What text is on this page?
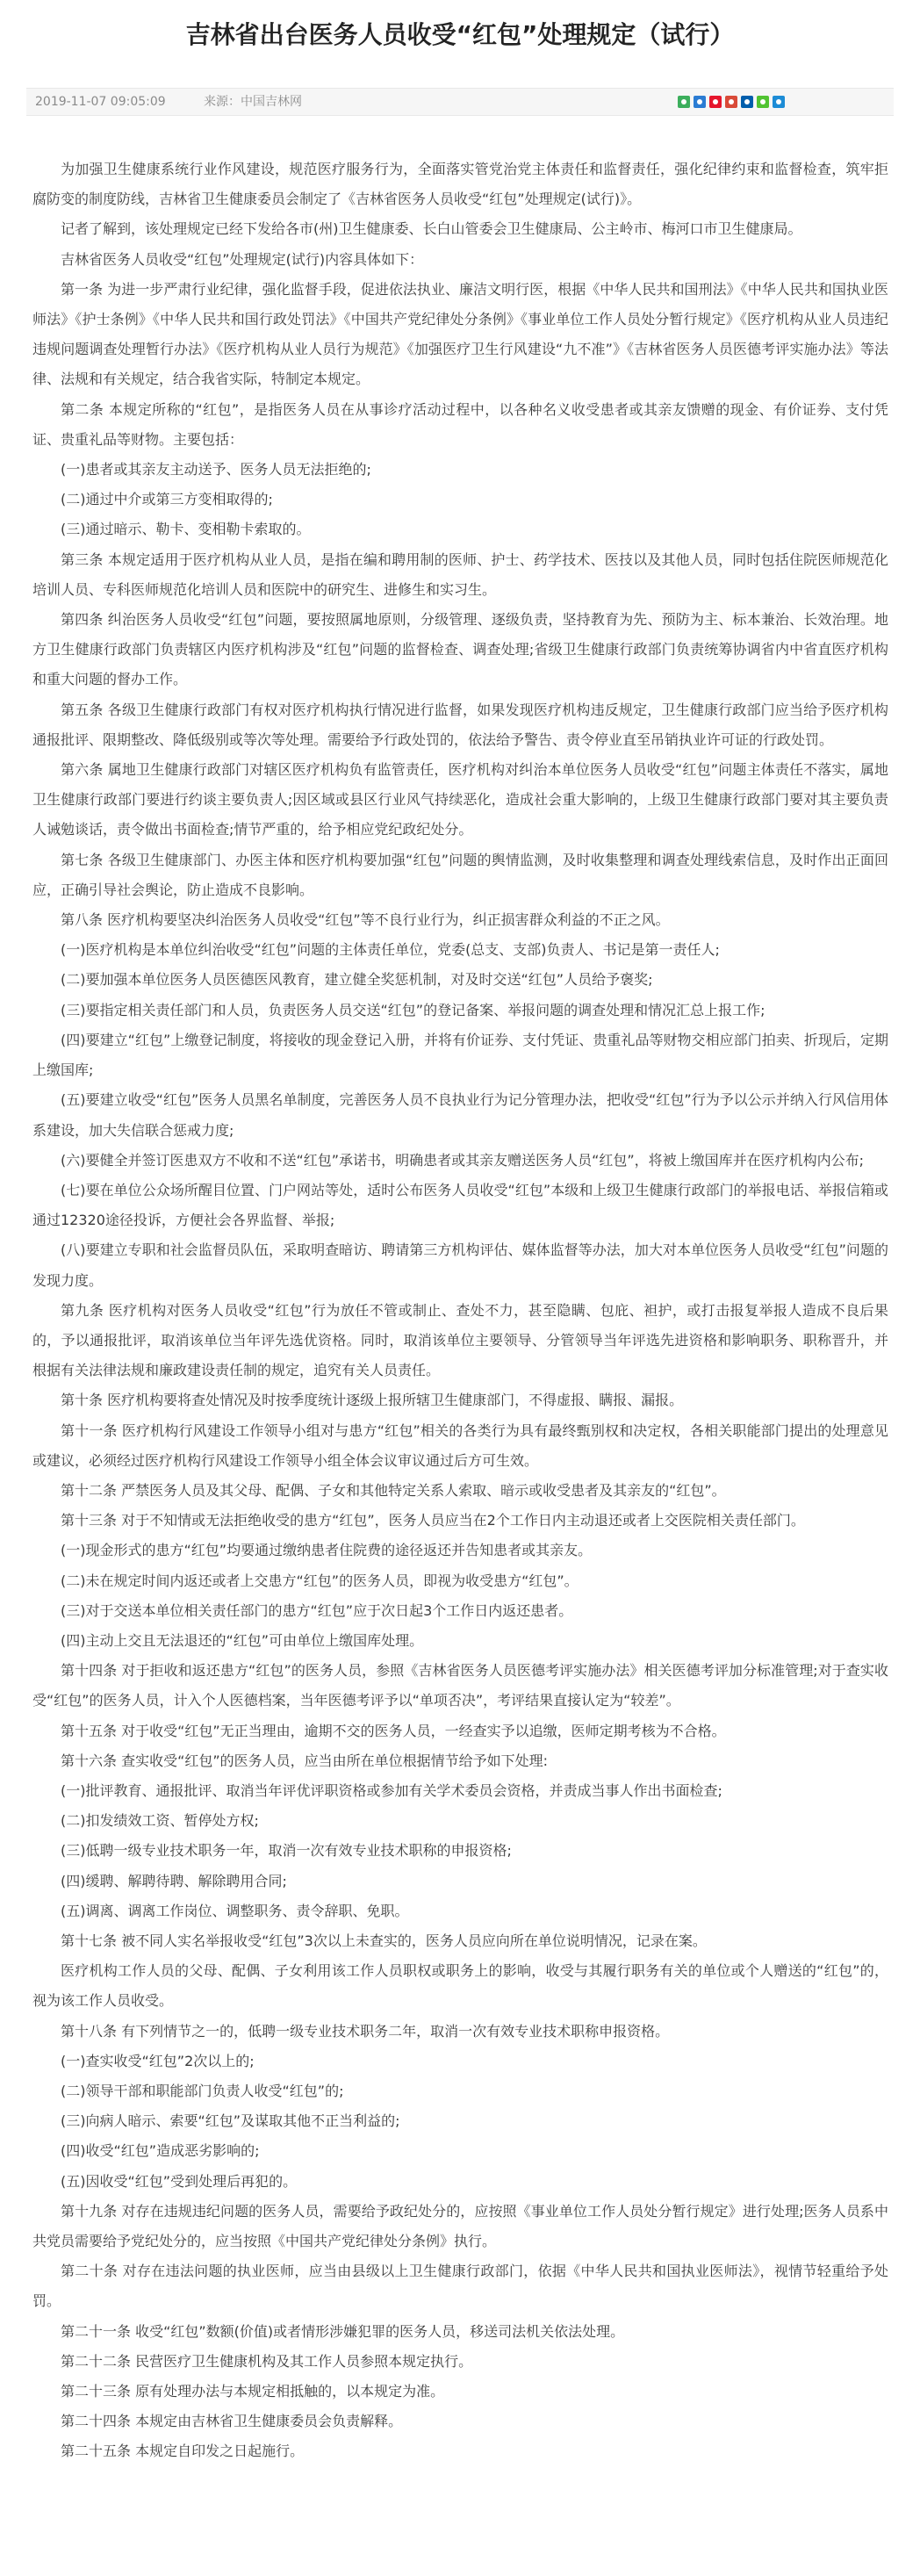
吉林省出台医务人员收受“红包”处理规定（试行）
2019-11-07 09:05:09	来源：中国吉林网

为加强卫生健康系统行业作风建设，规范医疗服务行为，全面落实管党治党主体责任和监督责任，强化纪律约束和监督检查，筑牢拒腐防变的制度防线，吉林省卫生健康委员会制定了《吉林省医务人员收受“红包”处理规定(试行)》。

记者了解到，该处理规定已经下发给各市(州)卫生健康委、长白山管委会卫生健康局、公主岭市、梅河口市卫生健康局。

吉林省医务人员收受“红包”处理规定(试行)内容具体如下：

第一条 为进一步严肃行业纪律，强化监督手段，促进依法执业、廉洁文明行医，根据《中华人民共和国刑法》《中华人民共和国执业医师法》《护士条例》《中华人民共和国行政处罚法》《中国共产党纪律处分条例》《事业单位工作人员处分暂行规定》《医疗机构从业人员违纪违规问题调查处理暂行办法》《医疗机构从业人员行为规范》《加强医疗卫生行风建设“九不准”》《吉林省医务人员医德考评实施办法》等法律、法规和有关规定，结合我省实际，特制定本规定。

第二条 本规定所称的“红包”，是指医务人员在从事诊疗活动过程中，以各种名义收受患者或其亲友馈赠的现金、有价证券、支付凭证、贵重礼品等财物。主要包括：

(一)患者或其亲友主动送予、医务人员无法拒绝的;

(二)通过中介或第三方变相取得的;

(三)通过暗示、勒卡、变相勒卡索取的。

第三条 本规定适用于医疗机构从业人员，是指在编和聘用制的医师、护士、药学技术、医技以及其他人员，同时包括住院医师规范化培训人员、专科医师规范化培训人员和医院中的研究生、进修生和实习生。

第四条 纠治医务人员收受“红包”问题，要按照属地原则，分级管理、逐级负责，坚持教育为先、预防为主、标本兼治、长效治理。地方卫生健康行政部门负责辖区内医疗机构涉及“红包”问题的监督检查、调查处理;省级卫生健康行政部门负责统筹协调省内中省直医疗机构和重大问题的督办工作。

第五条 各级卫生健康行政部门有权对医疗机构执行情况进行监督，如果发现医疗机构违反规定，卫生健康行政部门应当给予医疗机构通报批评、限期整改、降低级别或等次等处理。需要给予行政处罚的，依法给予警告、责令停业直至吊销执业许可证的行政处罚。

第六条 属地卫生健康行政部门对辖区医疗机构负有监管责任，医疗机构对纠治本单位医务人员收受“红包”问题主体责任不落实，属地卫生健康行政部门要进行约谈主要负责人;因区域或县区行业风气持续恶化，造成社会重大影响的，上级卫生健康行政部门要对其主要负责人诫勉谈话，责令做出书面检查;情节严重的，给予相应党纪政纪处分。

第七条 各级卫生健康部门、办医主体和医疗机构要加强“红包”问题的舆情监测，及时收集整理和调查处理线索信息，及时作出正面回应，正确引导社会舆论，防止造成不良影响。

第八条 医疗机构要坚决纠治医务人员收受“红包”等不良行业行为，纠正损害群众利益的不正之风。

(一)医疗机构是本单位纠治收受“红包”问题的主体责任单位，党委(总支、支部)负责人、书记是第一责任人;

(二)要加强本单位医务人员医德医风教育，建立健全奖惩机制，对及时交送“红包”人员给予褒奖;

(三)要指定相关责任部门和人员，负责医务人员交送“红包”的登记备案、举报问题的调查处理和情况汇总上报工作;

(四)要建立“红包”上缴登记制度，将接收的现金登记入册，并将有价证券、支付凭证、贵重礼品等财物交相应部门拍卖、折现后，定期上缴国库;

(五)要建立收受“红包”医务人员黑名单制度，完善医务人员不良执业行为记分管理办法，把收受“红包”行为予以公示并纳入行风信用体系建设，加大失信联合惩戒力度;

(六)要健全并签订医患双方不收和不送“红包”承诺书，明确患者或其亲友赠送医务人员“红包”，将被上缴国库并在医疗机构内公布;

(七)要在单位公众场所醒目位置、门户网站等处，适时公布医务人员收受“红包”本级和上级卫生健康行政部门的举报电话、举报信箱或通过12320途径投诉，方便社会各界监督、举报;

(八)要建立专职和社会监督员队伍，采取明查暗访、聘请第三方机构评估、媒体监督等办法，加大对本单位医务人员收受“红包”问题的发现力度。

第九条 医疗机构对医务人员收受“红包”行为放任不管或制止、查处不力，甚至隐瞒、包庇、袒护，或打击报复举报人造成不良后果的，予以通报批评，取消该单位当年评先选优资格。同时，取消该单位主要领导、分管领导当年评选先进资格和影响职务、职称晋升，并根据有关法律法规和廉政建设责任制的规定，追究有关人员责任。

第十条 医疗机构要将查处情况及时按季度统计逐级上报所辖卫生健康部门，不得虚报、瞒报、漏报。

第十一条 医疗机构行风建设工作领导小组对与患方“红包”相关的各类行为具有最终甄别权和决定权，各相关职能部门提出的处理意见或建议，必须经过医疗机构行风建设工作领导小组全体会议审议通过后方可生效。

第十二条 严禁医务人员及其父母、配偶、子女和其他特定关系人索取、暗示或收受患者及其亲友的“红包”。

第十三条 对于不知情或无法拒绝收受的患方“红包”，医务人员应当在2个工作日内主动退还或者上交医院相关责任部门。

(一)现金形式的患方“红包”均要通过缴纳患者住院费的途径返还并告知患者或其亲友。

(二)未在规定时间内返还或者上交患方“红包”的医务人员，即视为收受患方“红包”。

(三)对于交送本单位相关责任部门的患方“红包”应于次日起3个工作日内返还患者。

(四)主动上交且无法退还的“红包”可由单位上缴国库处理。

第十四条 对于拒收和返还患方“红包”的医务人员，参照《吉林省医务人员医德考评实施办法》相关医德考评加分标准管理;对于查实收受“红包”的医务人员，计入个人医德档案，当年医德考评予以“单项否决”，考评结果直接认定为“较差”。

第十五条 对于收受“红包”无正当理由，逾期不交的医务人员，一经查实予以追缴，医师定期考核为不合格。

第十六条 查实收受“红包”的医务人员，应当由所在单位根据情节给予如下处理:

(一)批评教育、通报批评、取消当年评优评职资格或参加有关学术委员会资格，并责成当事人作出书面检查;

(二)扣发绩效工资、暂停处方权;

(三)低聘一级专业技术职务一年，取消一次有效专业技术职称的申报资格;

(四)缓聘、解聘待聘、解除聘用合同;

(五)调离、调离工作岗位、调整职务、责令辞职、免职。

第十七条 被不同人实名举报收受“红包”3次以上未查实的，医务人员应向所在单位说明情况，记录在案。

医疗机构工作人员的父母、配偶、子女利用该工作人员职权或职务上的影响，收受与其履行职务有关的单位或个人赠送的“红包”的，视为该工作人员收受。

第十八条 有下列情节之一的，低聘一级专业技术职务二年，取消一次有效专业技术职称申报资格。

(一)查实收受“红包”2次以上的;

(二)领导干部和职能部门负责人收受“红包”的;

(三)向病人暗示、索要“红包”及谋取其他不正当利益的;

(四)收受“红包”造成恶劣影响的;

(五)因收受“红包”受到处理后再犯的。

第十九条 对存在违规违纪问题的医务人员，需要给予政纪处分的，应按照《事业单位工作人员处分暂行规定》进行处理;医务人员系中共党员需要给予党纪处分的，应当按照《中国共产党纪律处分条例》执行。

第二十条 对存在违法问题的执业医师，应当由县级以上卫生健康行政部门，依据《中华人民共和国执业医师法》，视情节轻重给予处罚。

第二十一条 收受“红包”数额(价值)或者情形涉嫌犯罪的医务人员，移送司法机关依法处理。

第二十二条 民营医疗卫生健康机构及其工作人员参照本规定执行。

第二十三条 原有处理办法与本规定相抵触的，以本规定为准。

第二十四条 本规定由吉林省卫生健康委员会负责解释。

第二十五条 本规定自印发之日起施行。
